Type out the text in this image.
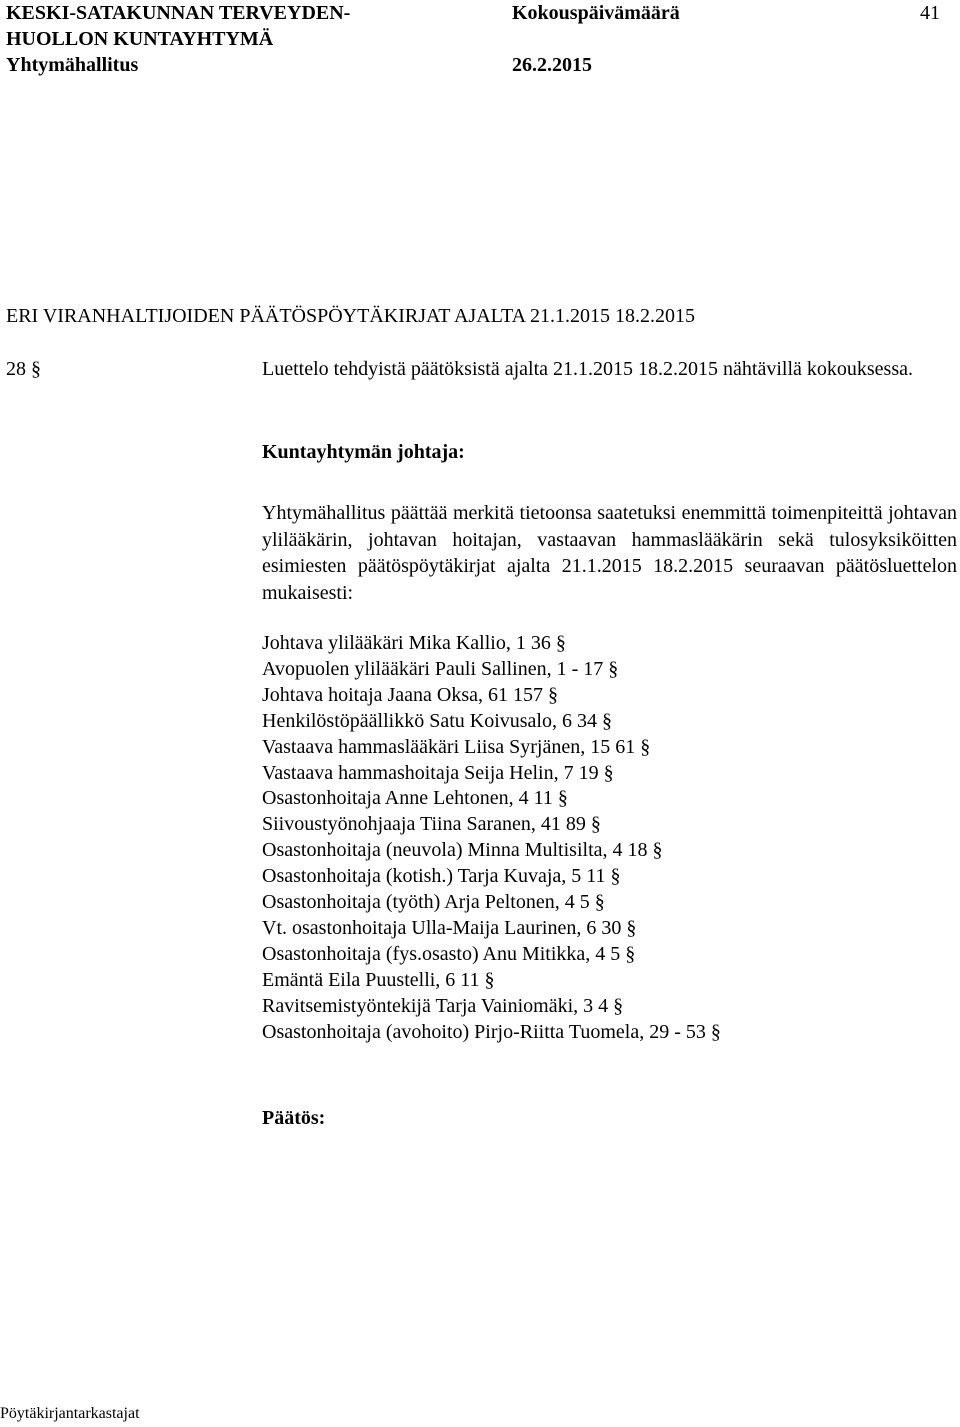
KESKI-SATAKUNNAN TERVEYDEN-
HUOLLON KUNTAYHTYMÄ
Yhtymähallitus
Kokouspäivämäärä
26.2.2015
41
ERI VIRANHALTIJOIDEN PÄÄTÖSPÖYTÄKIRJAT AJALTA 21.1.2015 18.2.2015
28 §	Luettelo tehdyistä päätöksistä ajalta 21.1.2015 18.2.2015 nähtävillä kokouksessa.
Kuntayhtymän johtaja:
Yhtymähallitus päättää merkitä tietoonsa saatetuksi enemmittä toimenpiteittä johtavan ylilääkärin, johtavan hoitajan, vastaavan hammaslääkärin sekä tulosyksiköitten esimiesten päätöspöytäkirjat ajalta 21.1.2015 18.2.2015 seuraavan päätösluettelon mukaisesti:
Johtava ylilääkäri Mika Kallio, 1 36 §
Avopuolen ylilääkäri Pauli Sallinen, 1 - 17 §
Johtava hoitaja Jaana Oksa, 61 157 §
Henkilöstöpäällikkö Satu Koivusalo, 6 34 §
Vastaava hammaslääkäri Liisa Syrjänen, 15 61 §
Vastaava hammashoitaja Seija Helin, 7 19 §
Osastonhoitaja Anne Lehtonen, 4 11 §
Siivoustyönohjaaja Tiina Saranen, 41 89 §
Osastonhoitaja (neuvola) Minna Multisilta, 4 18 §
Osastonhoitaja (kotish.) Tarja Kuvaja, 5 11 §
Osastonhoitaja (työth) Arja Peltonen, 4 5 §
Vt. osastonhoitaja Ulla-Maija Laurinen, 6 30 §
Osastonhoitaja (fys.osasto) Anu Mitikka, 4 5 §
Emäntä Eila Puustelli, 6 11 §
Ravitsemistyöntekijä Tarja Vainiomäki, 3 4 §
Osastonhoitaja (avohoito) Pirjo-Riitta Tuomela, 29 - 53 §
Päätös:
Pöytäkirjantarkastajat
